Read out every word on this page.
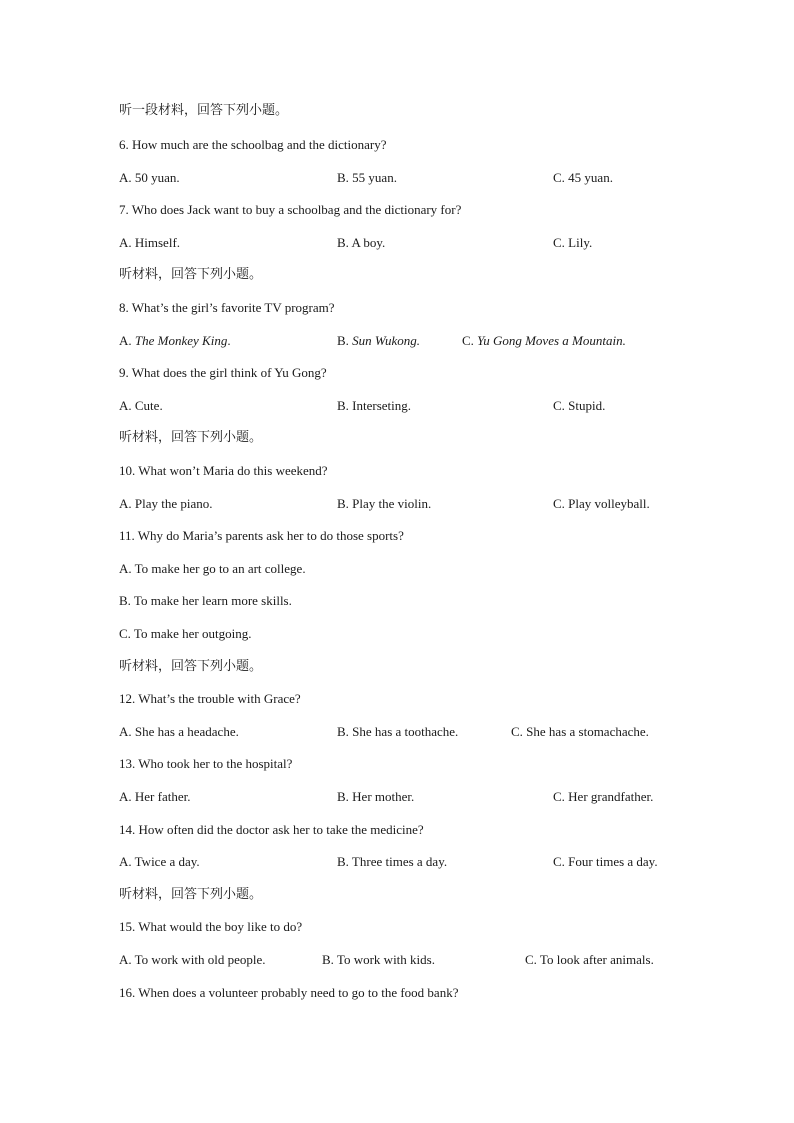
听一段材料，回答下列小题。
6. How much are the schoolbag and the dictionary?
A. 50 yuan.	B. 55 yuan.	C. 45 yuan.
7. Who does Jack want to buy a schoolbag and the dictionary for?
A. Himself.	B. A boy.	C. Lily.
听材料，回答下列小题。
8. What’s the girl’s favorite TV program?
A. The Monkey King.	B. Sun Wukong.	C. Yu Gong Moves a Mountain.
9. What does the girl think of Yu Gong?
A. Cute.	B. Interseting.	C. Stupid.
听材料，回答下列小题。
10. What won’t Maria do this weekend?
A. Play the piano.	B. Play the violin.	C. Play volleyball.
11. Why do Maria’s parents ask her to do those sports?
A. To make her go to an art college.
B. To make her learn more skills.
C. To make her outgoing.
听材料，回答下列小题。
12. What’s the trouble with Grace?
A. She has a headache.	B. She has a toothache.	C. She has a stomachache.
13. Who took her to the hospital?
A. Her father.	B. Her mother.	C. Her grandfather.
14. How often did the doctor ask her to take the medicine?
A. Twice a day.	B. Three times a day.	C. Four times a day.
听材料，回答下列小题。
15. What would the boy like to do?
A. To work with old people.	B. To work with kids.	C. To look after animals.
16. When does a volunteer probably need to go to the food bank?
